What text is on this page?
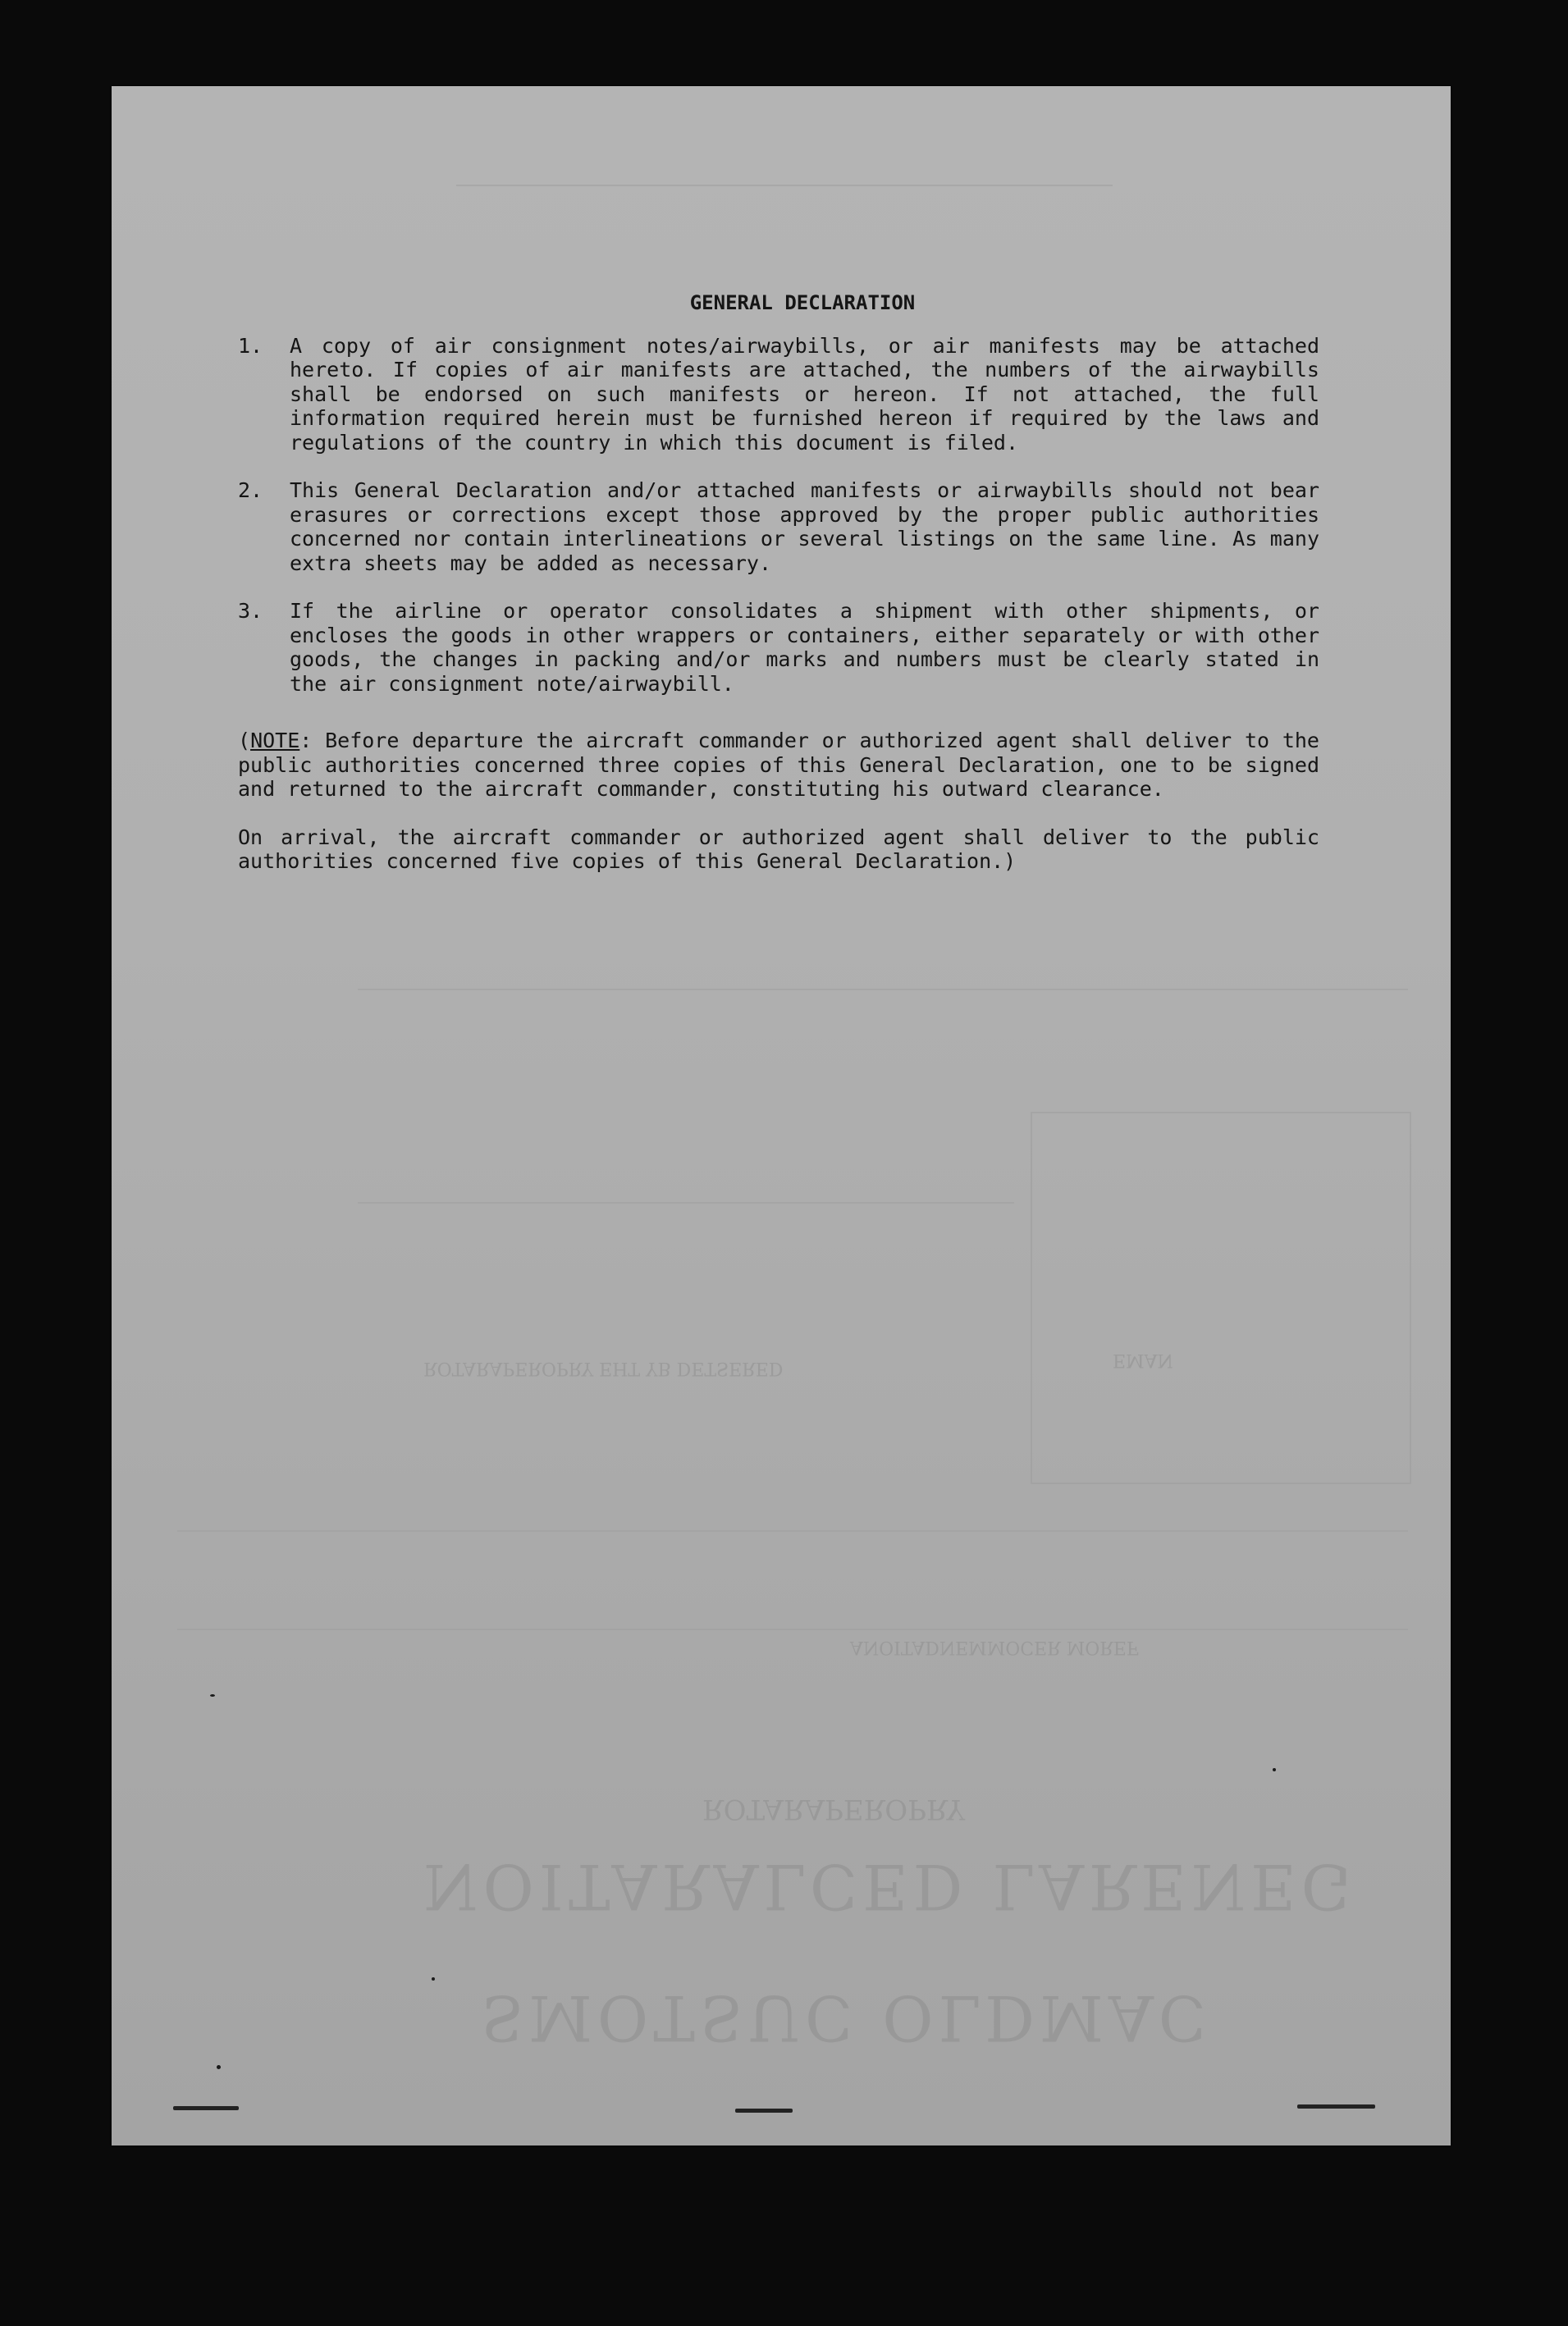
NOITARALCED LARENEG
SMOTSUC OLDMAC
ROTARAPEROPRY
ANOITADNEMMOCER MOREF
ROTARAPEROPRY EHT YB DETSERED	EMAN
GENERAL DECLARATION
1.	A copy of air consignment notes/airwaybills, or air manifests may be attached hereto. If copies of air manifests are attached, the numbers of the airwaybills shall be endorsed on such manifests or hereon. If not attached, the full information required herein must be furnished hereon if required by the laws and regulations of the country in which this document is filed.
2.	This General Declaration and/or attached manifests or airwaybills should not bear erasures or corrections except those approved by the proper public authorities concerned nor contain interlineations or several listings on the same line. As many extra sheets may be added as necessary.
3.	If the airline or operator consolidates a shipment with other shipments, or encloses the goods in other wrappers or containers, either separately or with other goods, the changes in packing and/or marks and numbers must be clearly stated in the air consignment note/airwaybill.
(NOTE: Before departure the aircraft commander or authorized agent shall deliver to the public authorities concerned three copies of this General Declaration, one to be signed and returned to the aircraft commander, constituting his outward clearance.
On arrival, the aircraft commander or authorized agent shall deliver to the public authorities concerned five copies of this General Declaration.)
